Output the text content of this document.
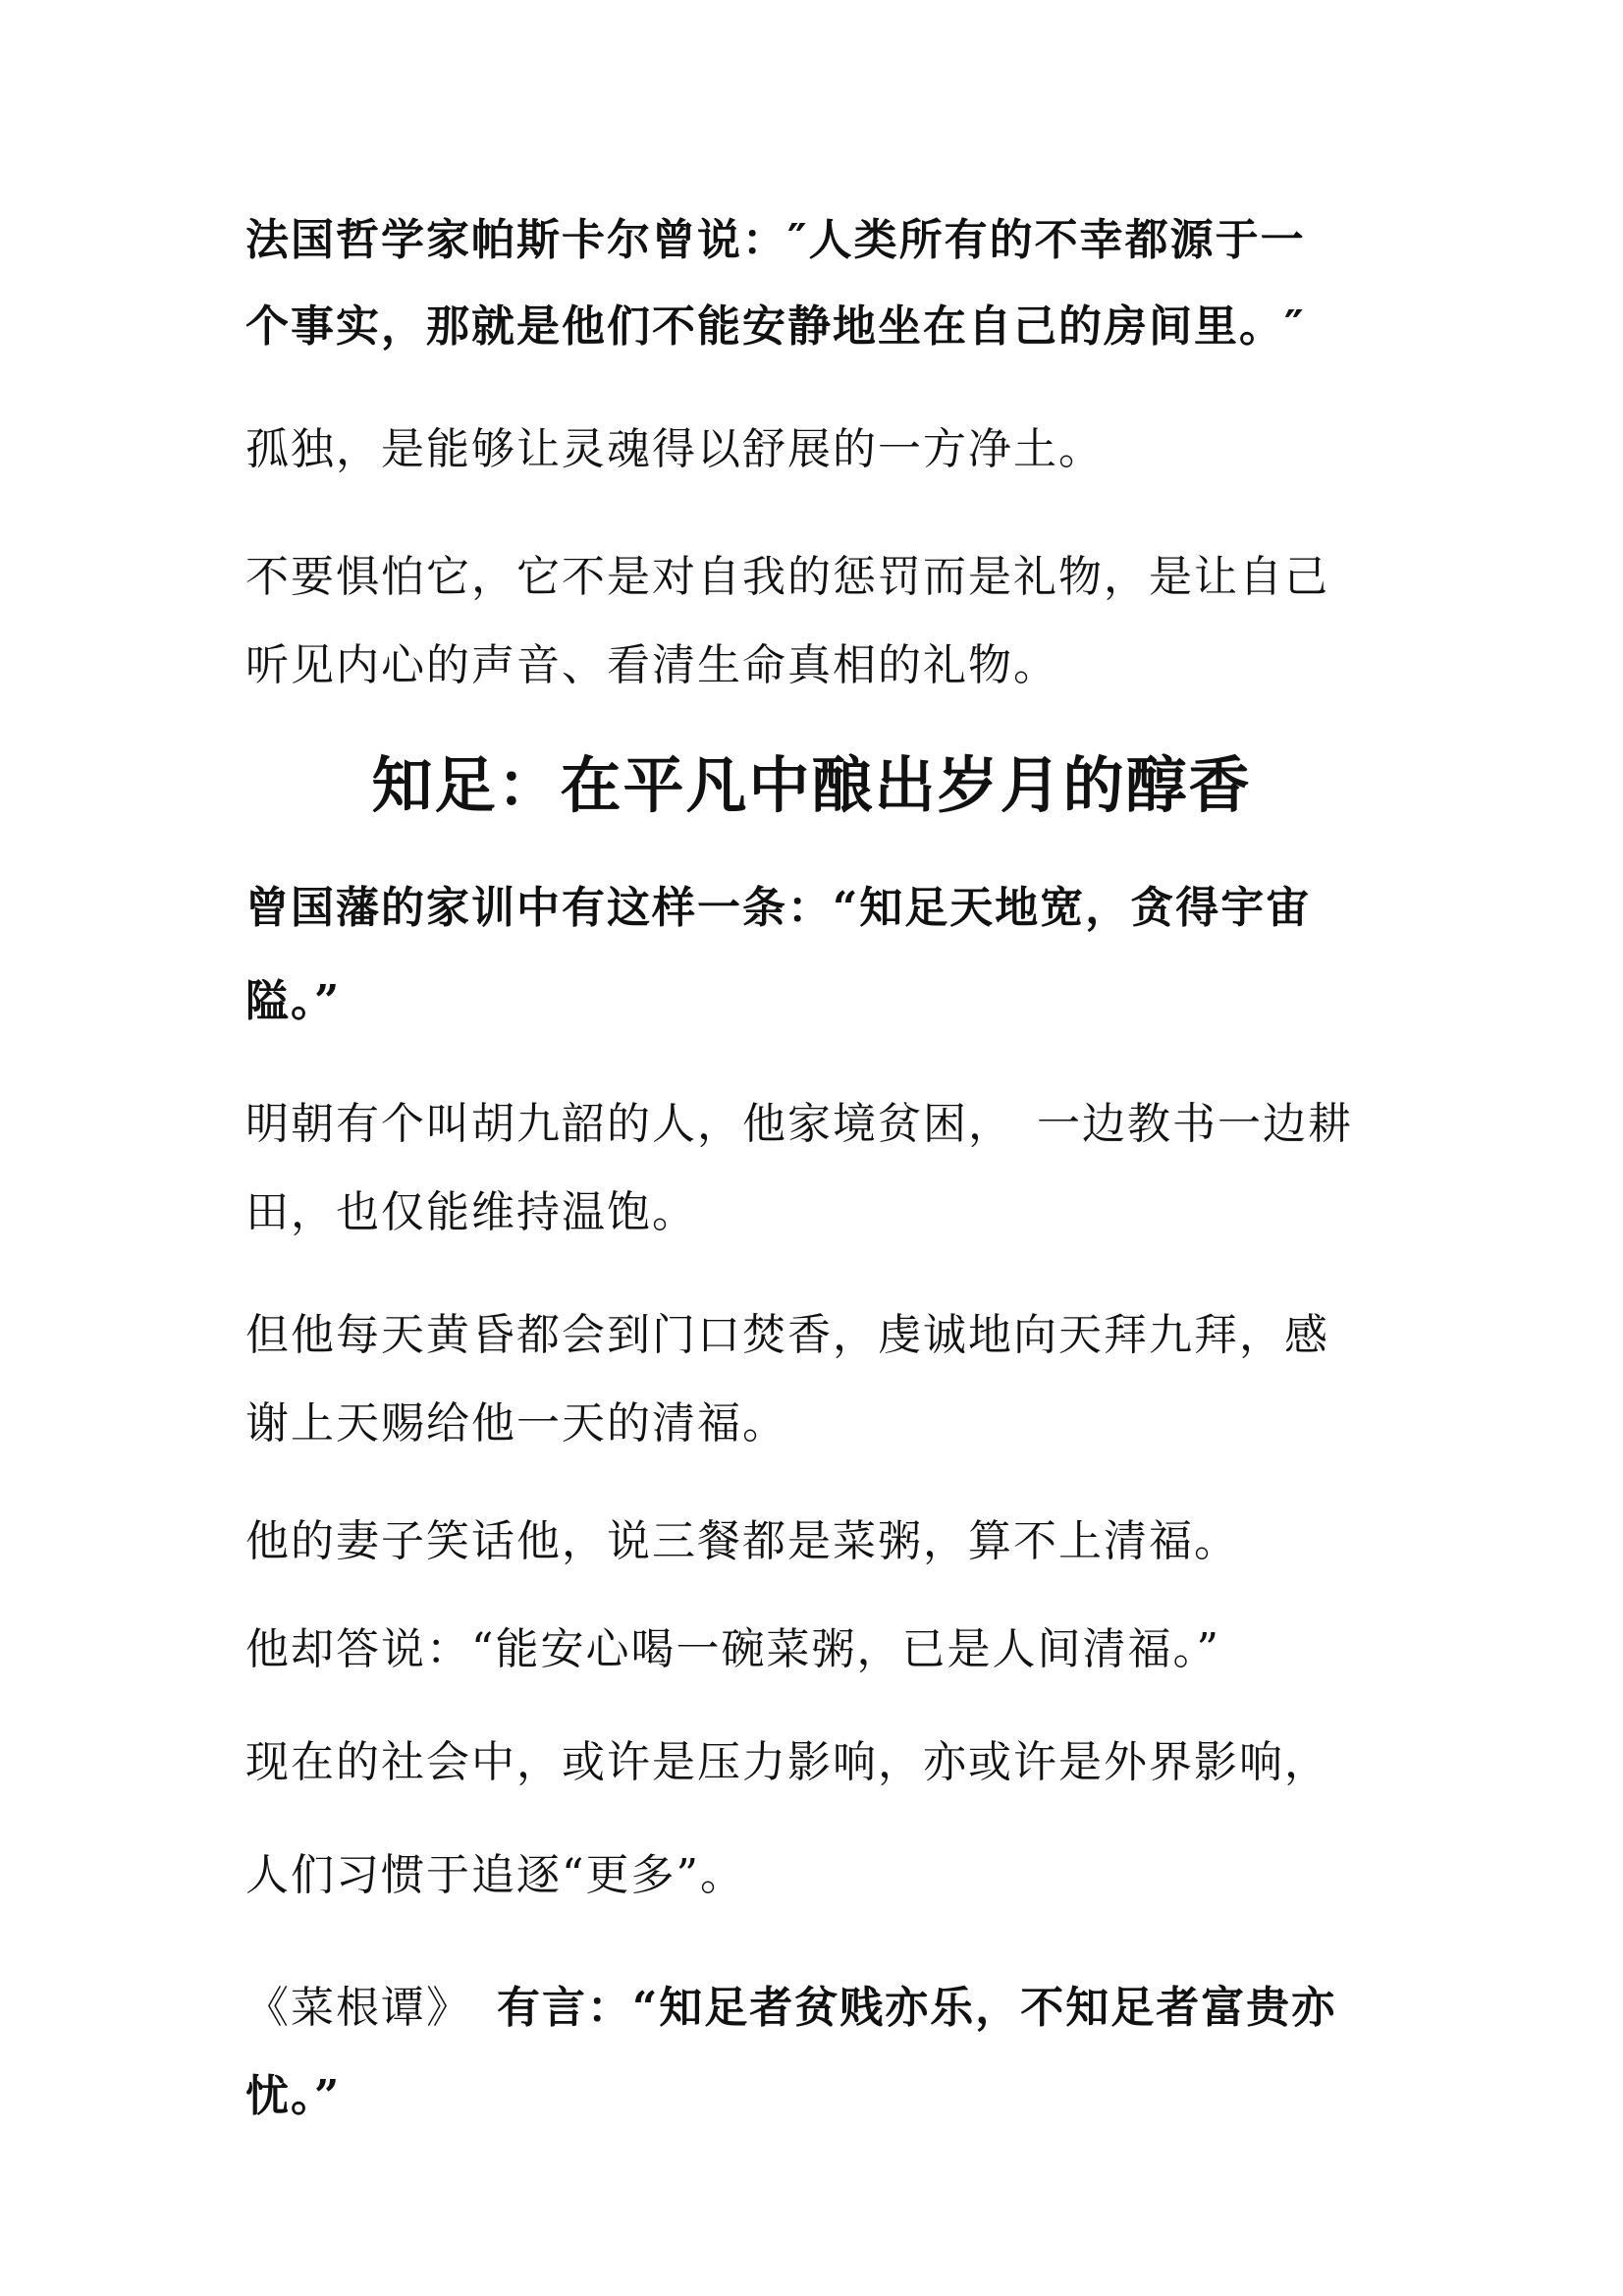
法国哲学家帕斯卡尔曾说：″人类所有的不幸都源于一
个事实，那就是他们不能安静地坐在自己的房间里。″
孤独，是能够让灵魂得以舒展的一方净土。
不要惧怕它，它不是对自我的惩罚而是礼物，是让自己
听见内心的声音、看清生命真相的礼物。
知足：在平凡中酿出岁月的醇香
曾国藩的家训中有这样一条：“知足天地宽，贪得宇宙
隘。”
明朝有个叫胡九韶的人，他家境贫困，　一边教书一边耕
田，也仅能维持温饱。
但他每天黄昏都会到门口焚香，虔诚地向天拜九拜，感
谢上天赐给他一天的清福。
他的妻子笑话他，说三餐都是菜粥，算不上清福。
他却答说：“能安心喝一碗菜粥，已是人间清福。”
现在的社会中，或许是压力影响，亦或许是外界影响，
人们习惯于追逐“更多”。
《菜根谭》 有言：“知足者贫贱亦乐，不知足者富贵亦
忧。”
